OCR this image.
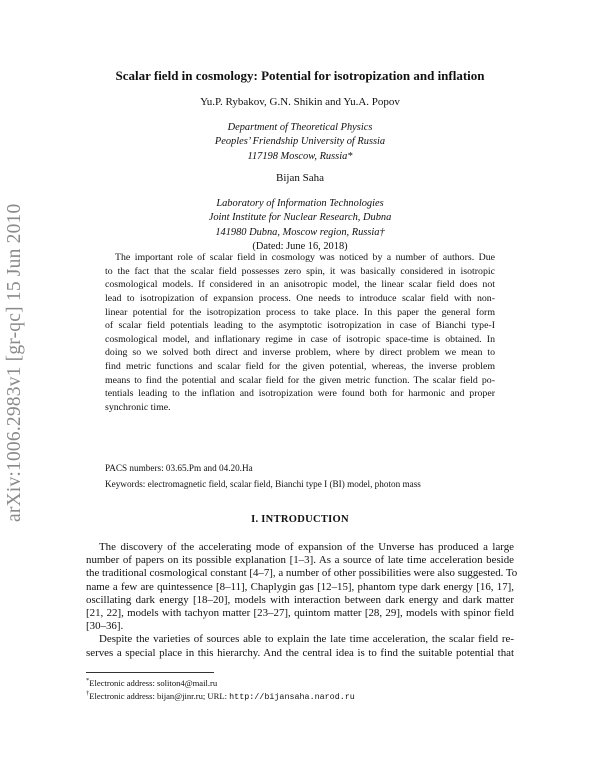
arXiv:1006.2983v1 [gr-qc] 15 Jun 2010
Scalar field in cosmology: Potential for isotropization and inflation
Yu.P. Rybakov, G.N. Shikin and Yu.A. Popov
Department of Theoretical Physics
Peoples’ Friendship University of Russia
117198 Moscow, Russia*
Bijan Saha
Laboratory of Information Technologies
Joint Institute for Nuclear Research, Dubna
141980 Dubna, Moscow region, Russia†
(Dated: June 16, 2018)
The important role of scalar field in cosmology was noticed by a number of authors. Due
to the fact that the scalar field possesses zero spin, it was basically considered in isotropic
cosmological models. If considered in an anisotropic model, the linear scalar field does not
lead to isotropization of expansion process. One needs to introduce scalar field with non-
linear potential for the isotropization process to take place. In this paper the general form
of scalar field potentials leading to the asymptotic isotropization in case of Bianchi type-I
cosmological model, and inflationary regime in case of isotropic space-time is obtained. In
doing so we solved both direct and inverse problem, where by direct problem we mean to
find metric functions and scalar field for the given potential, whereas, the inverse problem
means to find the potential and scalar field for the given metric function. The scalar field po-
tentials leading to the inflation and isotropization were found both for harmonic and proper
synchronic time.
PACS numbers: 03.65.Pm and 04.20.Ha
Keywords: electromagnetic field, scalar field, Bianchi type I (BI) model, photon mass
I. INTRODUCTION
The discovery of the accelerating mode of expansion of the Unverse has produced a large
number of papers on its possible explanation [1–3]. As a source of late time acceleration beside
the traditional cosmological constant [4–7], a number of other possibilities were also suggested. To
name a few are quintessence [8–11], Chaplygin gas [12–15], phantom type dark energy [16, 17],
oscillating dark energy [18–20], models with interaction between dark energy and dark matter
[21, 22], models with tachyon matter [23–27], quintom matter [28, 29], models with spinor field
[30–36].
Despite the varieties of sources able to explain the late time acceleration, the scalar field re-
serves a special place in this hierarchy. And the central idea is to find the suitable potential that
*Electronic address: soliton4@mail.ru
†Electronic address: bijan@jinr.ru; URL: http://bijansaha.narod.ru
